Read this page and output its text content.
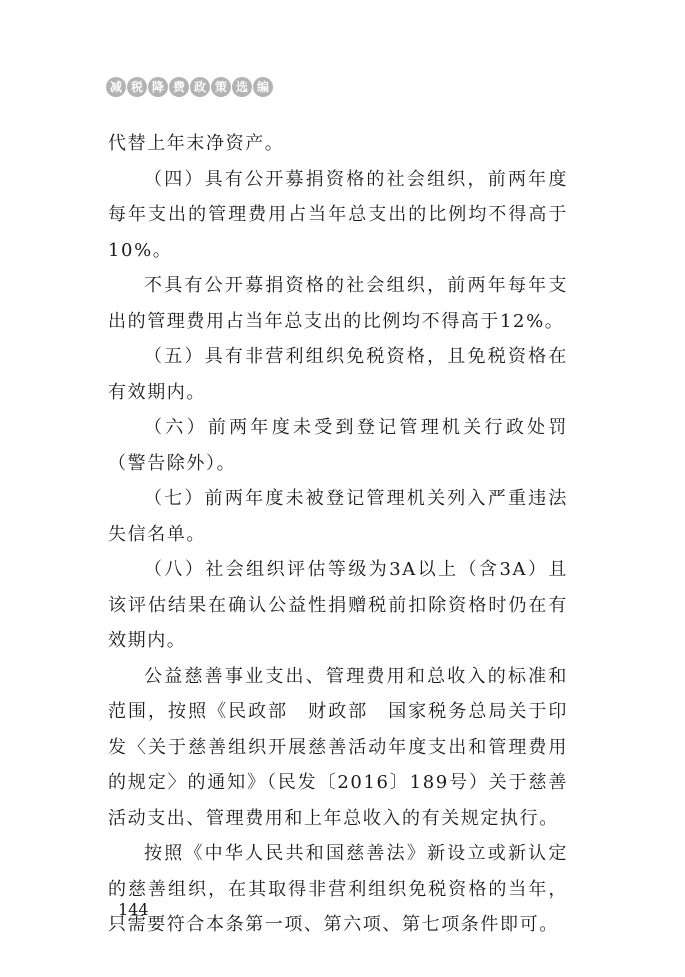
减 税 降 费 政 策 选 编

代替上年末净资产。

（四）具有公开募捐资格的社会组织，前两年度每年支出的管理费用占当年总支出的比例均不得高于10%。

不具有公开募捐资格的社会组织，前两年每年支出的管理费用占当年总支出的比例均不得高于12%。

（五）具有非营利组织免税资格，且免税资格在有效期内。

（六）前两年度未受到登记管理机关行政处罚（警告除外）。

（七）前两年度未被登记管理机关列入严重违法失信名单。

（八）社会组织评估等级为3A以上（含3A）且该评估结果在确认公益性捐赠税前扣除资格时仍在有效期内。

公益慈善事业支出、管理费用和总收入的标准和范围，按照《民政部　财政部　国家税务总局关于印发〈关于慈善组织开展慈善活动年度支出和管理费用的规定〉的通知》（民发〔2016〕189号）关于慈善活动支出、管理费用和上年总收入的有关规定执行。

按照《中华人民共和国慈善法》新设立或新认定的慈善组织，在其取得非营利组织免税资格的当年，只需要符合本条第一项、第六项、第七项条件即可。

144
